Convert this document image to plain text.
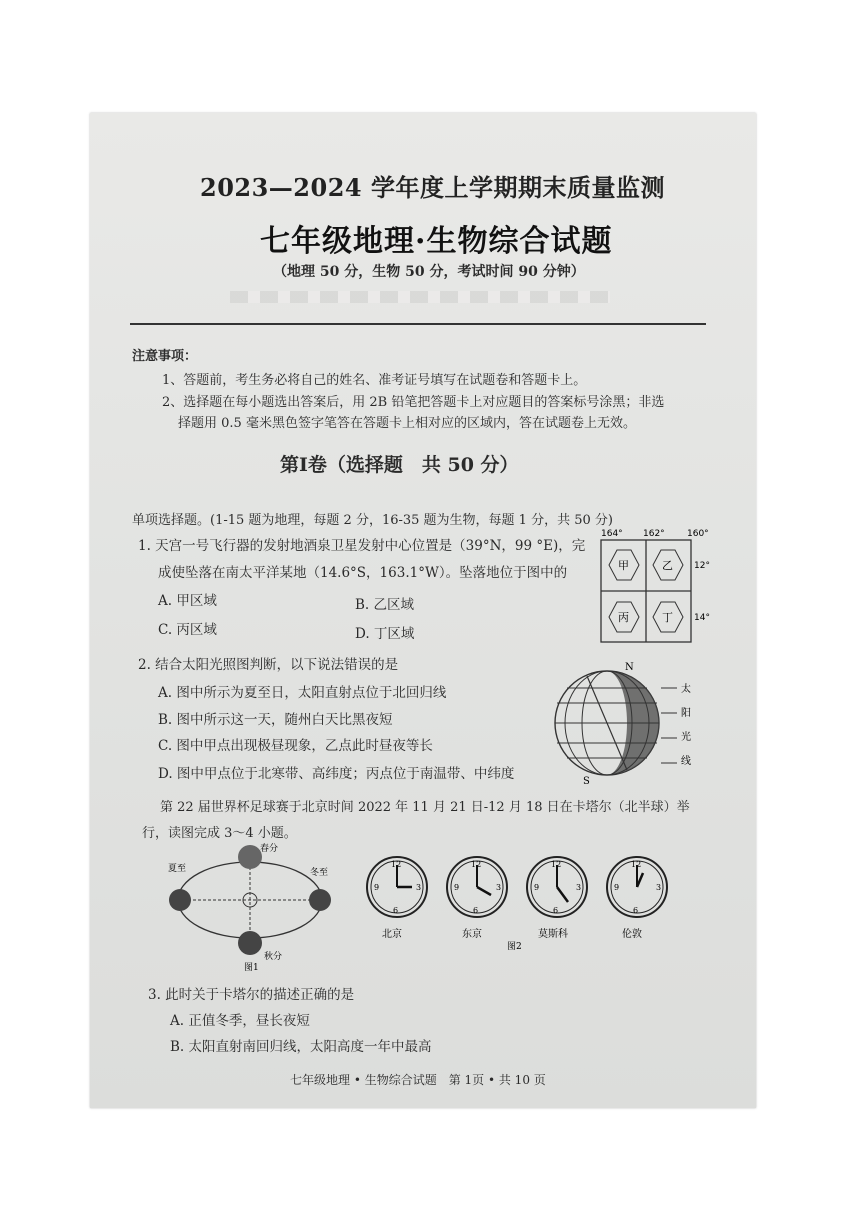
2023—2024 学年度上学期期末质量监测
七年级地理·生物综合试题
（地理 50 分，生物 50 分，考试时间 90 分钟）
注意事项：
1、答题前，考生务必将自己的姓名、准考证号填写在试题卷和答题卡上。
2、选择题在每小题选出答案后，用 2B 铅笔把答题卡上对应题目的答案标号涂黑；非选
择题用 0.5 毫米黑色签字笔答在答题卡上相对应的区域内，答在试题卷上无效。
第Ⅰ卷（选择题　共 50 分）
单项选择题。(1-15 题为地理，每题 2 分，16-35 题为生物，每题 1 分，共 50 分)
1. 天宫一号飞行器的发射地酒泉卫星发射中心位置是（39°N，99 °E)，完
成使坠落在南太平洋某地（14.6°S，163.1°W）。坠落地位于图中的
A. 甲区域	B. 乙区域
C. 丙区域	D. 丁区域
164° 162° 160°
甲	乙
丙	丁
12°
14°
2. 结合太阳光照图判断，以下说法错误的是
A. 图中所示为夏至日，太阳直射点位于北回归线
B. 图中所示这一天，随州白天比黑夜短
C. 图中甲点出现极昼现象，乙点此时昼夜等长
D. 图中甲点位于北寒带、高纬度；丙点位于南温带、中纬度
N
S
太
阳
光
线
第 22 届世界杯足球赛于北京时间 2022 年 11 月 21 日-12 月 18 日在卡塔尔（北半球）举
行，读图完成 3～4 小题。
夏至	冬至
春分
秋分
图1
12
6
3
9
北京
12
6
3
9
东京
12
6
3
9
莫斯科
12
6
3
9
伦敦
图2
3. 此时关于卡塔尔的描述正确的是
A. 正值冬季，昼长夜短
B. 太阳直射南回归线，太阳高度一年中最高
七年级地理 • 生物综合试题　第 1页 • 共 10 页
